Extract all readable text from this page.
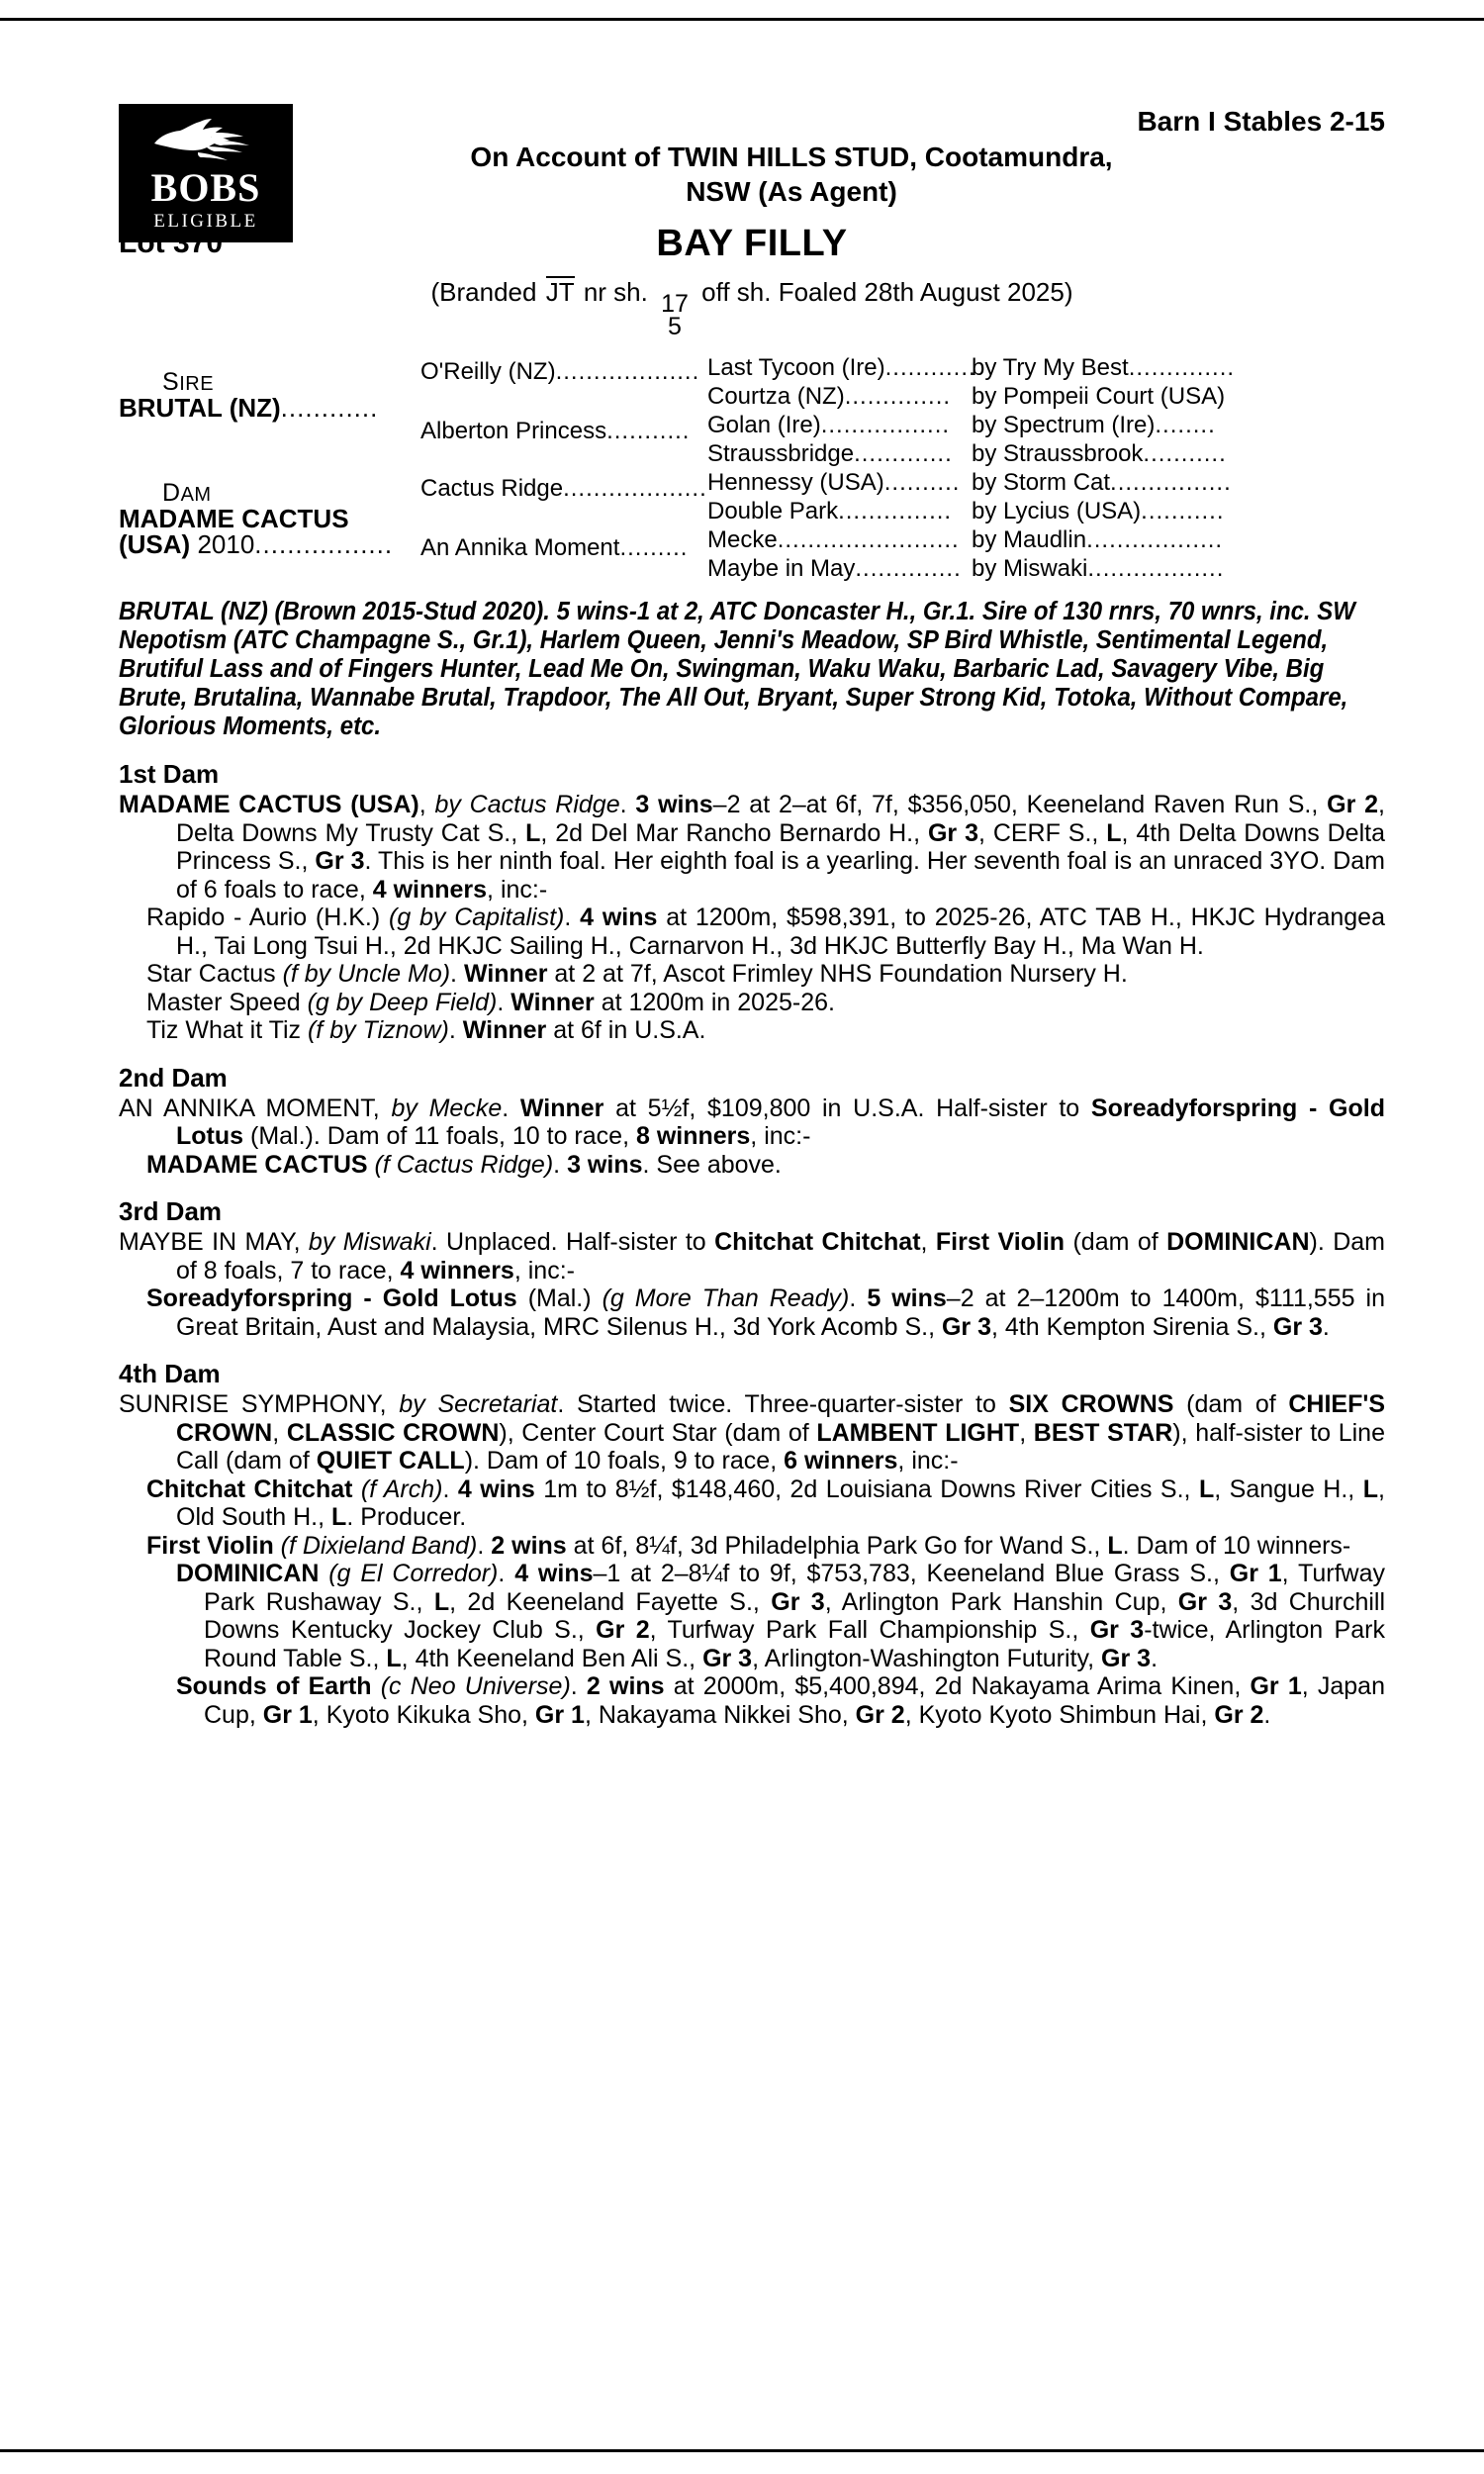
BOBS
ELIGIBLE
Barn I Stables 2-15
On Account of TWIN HILLS STUD, Cootamundra,
NSW (As Agent)
Lot 370	BAY FILLY
(Branded JT nr sh. 17
5
off sh. Foaled 28th August 2025)
SIRE
BRUTAL (NZ)............
DAM
MADAME CACTUS
(USA) 2010.................
O'Reilly (NZ)...................
Alberton Princess...........
Cactus Ridge...................
An Annika Moment.........
Last Tycoon (Ire)............
Courtza (NZ)..............
Golan (Ire).................
Straussbridge.............
Hennessy (USA)..........
Double Park...............
Mecke........................
Maybe in May..............
by Try My Best..............
by Pompeii Court (USA)
by Spectrum (Ire)........
by Straussbrook...........
by Storm Cat................
by Lycius (USA)...........
by Maudlin..................
by Miswaki..................
BRUTAL (NZ) (Brown 2015-Stud 2020). 5 wins-1 at 2, ATC Doncaster H., Gr.1. Sire of 130 rnrs, 70 wnrs, inc. SW Nepotism (ATC Champagne S., Gr.1), Harlem Queen, Jenni's Meadow, SP Bird Whistle, Sentimental Legend, Brutiful Lass and of Fingers Hunter, Lead Me On, Swingman, Waku Waku, Barbaric Lad, Savagery Vibe, Big Brute, Brutalina, Wannabe Brutal, Trapdoor, The All Out, Bryant, Super Strong Kid, Totoka, Without Compare, Glorious Moments, etc.
1st Dam
MADAME CACTUS (USA), by Cactus Ridge. 3 wins–2 at 2–at 6f, 7f, $356,050, Keeneland Raven Run S., Gr 2, Delta Downs My Trusty Cat S., L, 2d Del Mar Rancho Bernardo H., Gr 3, CERF S., L, 4th Delta Downs Delta Princess S., Gr 3. This is her ninth foal. Her eighth foal is a yearling. Her seventh foal is an unraced 3YO. Dam of 6 foals to race, 4 winners, inc:-
Rapido - Aurio (H.K.) (g by Capitalist). 4 wins at 1200m, $598,391, to 2025-26, ATC TAB H., HKJC Hydrangea H., Tai Long Tsui H., 2d HKJC Sailing H., Carnarvon H., 3d HKJC Butterfly Bay H., Ma Wan H.
Star Cactus (f by Uncle Mo). Winner at 2 at 7f, Ascot Frimley NHS Foundation Nursery H.
Master Speed (g by Deep Field). Winner at 1200m in 2025-26.
Tiz What it Tiz (f by Tiznow). Winner at 6f in U.S.A.
2nd Dam
AN ANNIKA MOMENT, by Mecke. Winner at 5½f, $109,800 in U.S.A. Half-sister to Soreadyforspring - Gold Lotus (Mal.). Dam of 11 foals, 10 to race, 8 winners, inc:-
MADAME CACTUS (f Cactus Ridge). 3 wins. See above.
3rd Dam
MAYBE IN MAY, by Miswaki. Unplaced. Half-sister to Chitchat Chitchat, First Violin (dam of DOMINICAN). Dam of 8 foals, 7 to race, 4 winners, inc:-
Soreadyforspring - Gold Lotus (Mal.) (g More Than Ready). 5 wins–2 at 2–1200m to 1400m, $111,555 in Great Britain, Aust and Malaysia, MRC Silenus H., 3d York Acomb S., Gr 3, 4th Kempton Sirenia S., Gr 3.
4th Dam
SUNRISE SYMPHONY, by Secretariat. Started twice. Three-quarter-sister to SIX CROWNS (dam of CHIEF'S CROWN, CLASSIC CROWN), Center Court Star (dam of LAMBENT LIGHT, BEST STAR), half-sister to Line Call (dam of QUIET CALL). Dam of 10 foals, 9 to race, 6 winners, inc:-
Chitchat Chitchat (f Arch). 4 wins 1m to 8½f, $148,460, 2d Louisiana Downs River Cities S., L, Sangue H., L, Old South H., L. Producer.
First Violin (f Dixieland Band). 2 wins at 6f, 8¼f, 3d Philadelphia Park Go for Wand S., L. Dam of 10 winners-
DOMINICAN (g El Corredor). 4 wins–1 at 2–8¼f to 9f, $753,783, Keeneland Blue Grass S., Gr 1, Turfway Park Rushaway S., L, 2d Keeneland Fayette S., Gr 3, Arlington Park Hanshin Cup, Gr 3, 3d Churchill Downs Kentucky Jockey Club S., Gr 2, Turfway Park Fall Championship S., Gr 3-twice, Arlington Park Round Table S., L, 4th Keeneland Ben Ali S., Gr 3, Arlington-Washington Futurity, Gr 3.
Sounds of Earth (c Neo Universe). 2 wins at 2000m, $5,400,894, 2d Nakayama Arima Kinen, Gr 1, Japan Cup, Gr 1, Kyoto Kikuka Sho, Gr 1, Nakayama Nikkei Sho, Gr 2, Kyoto Kyoto Shimbun Hai, Gr 2.
